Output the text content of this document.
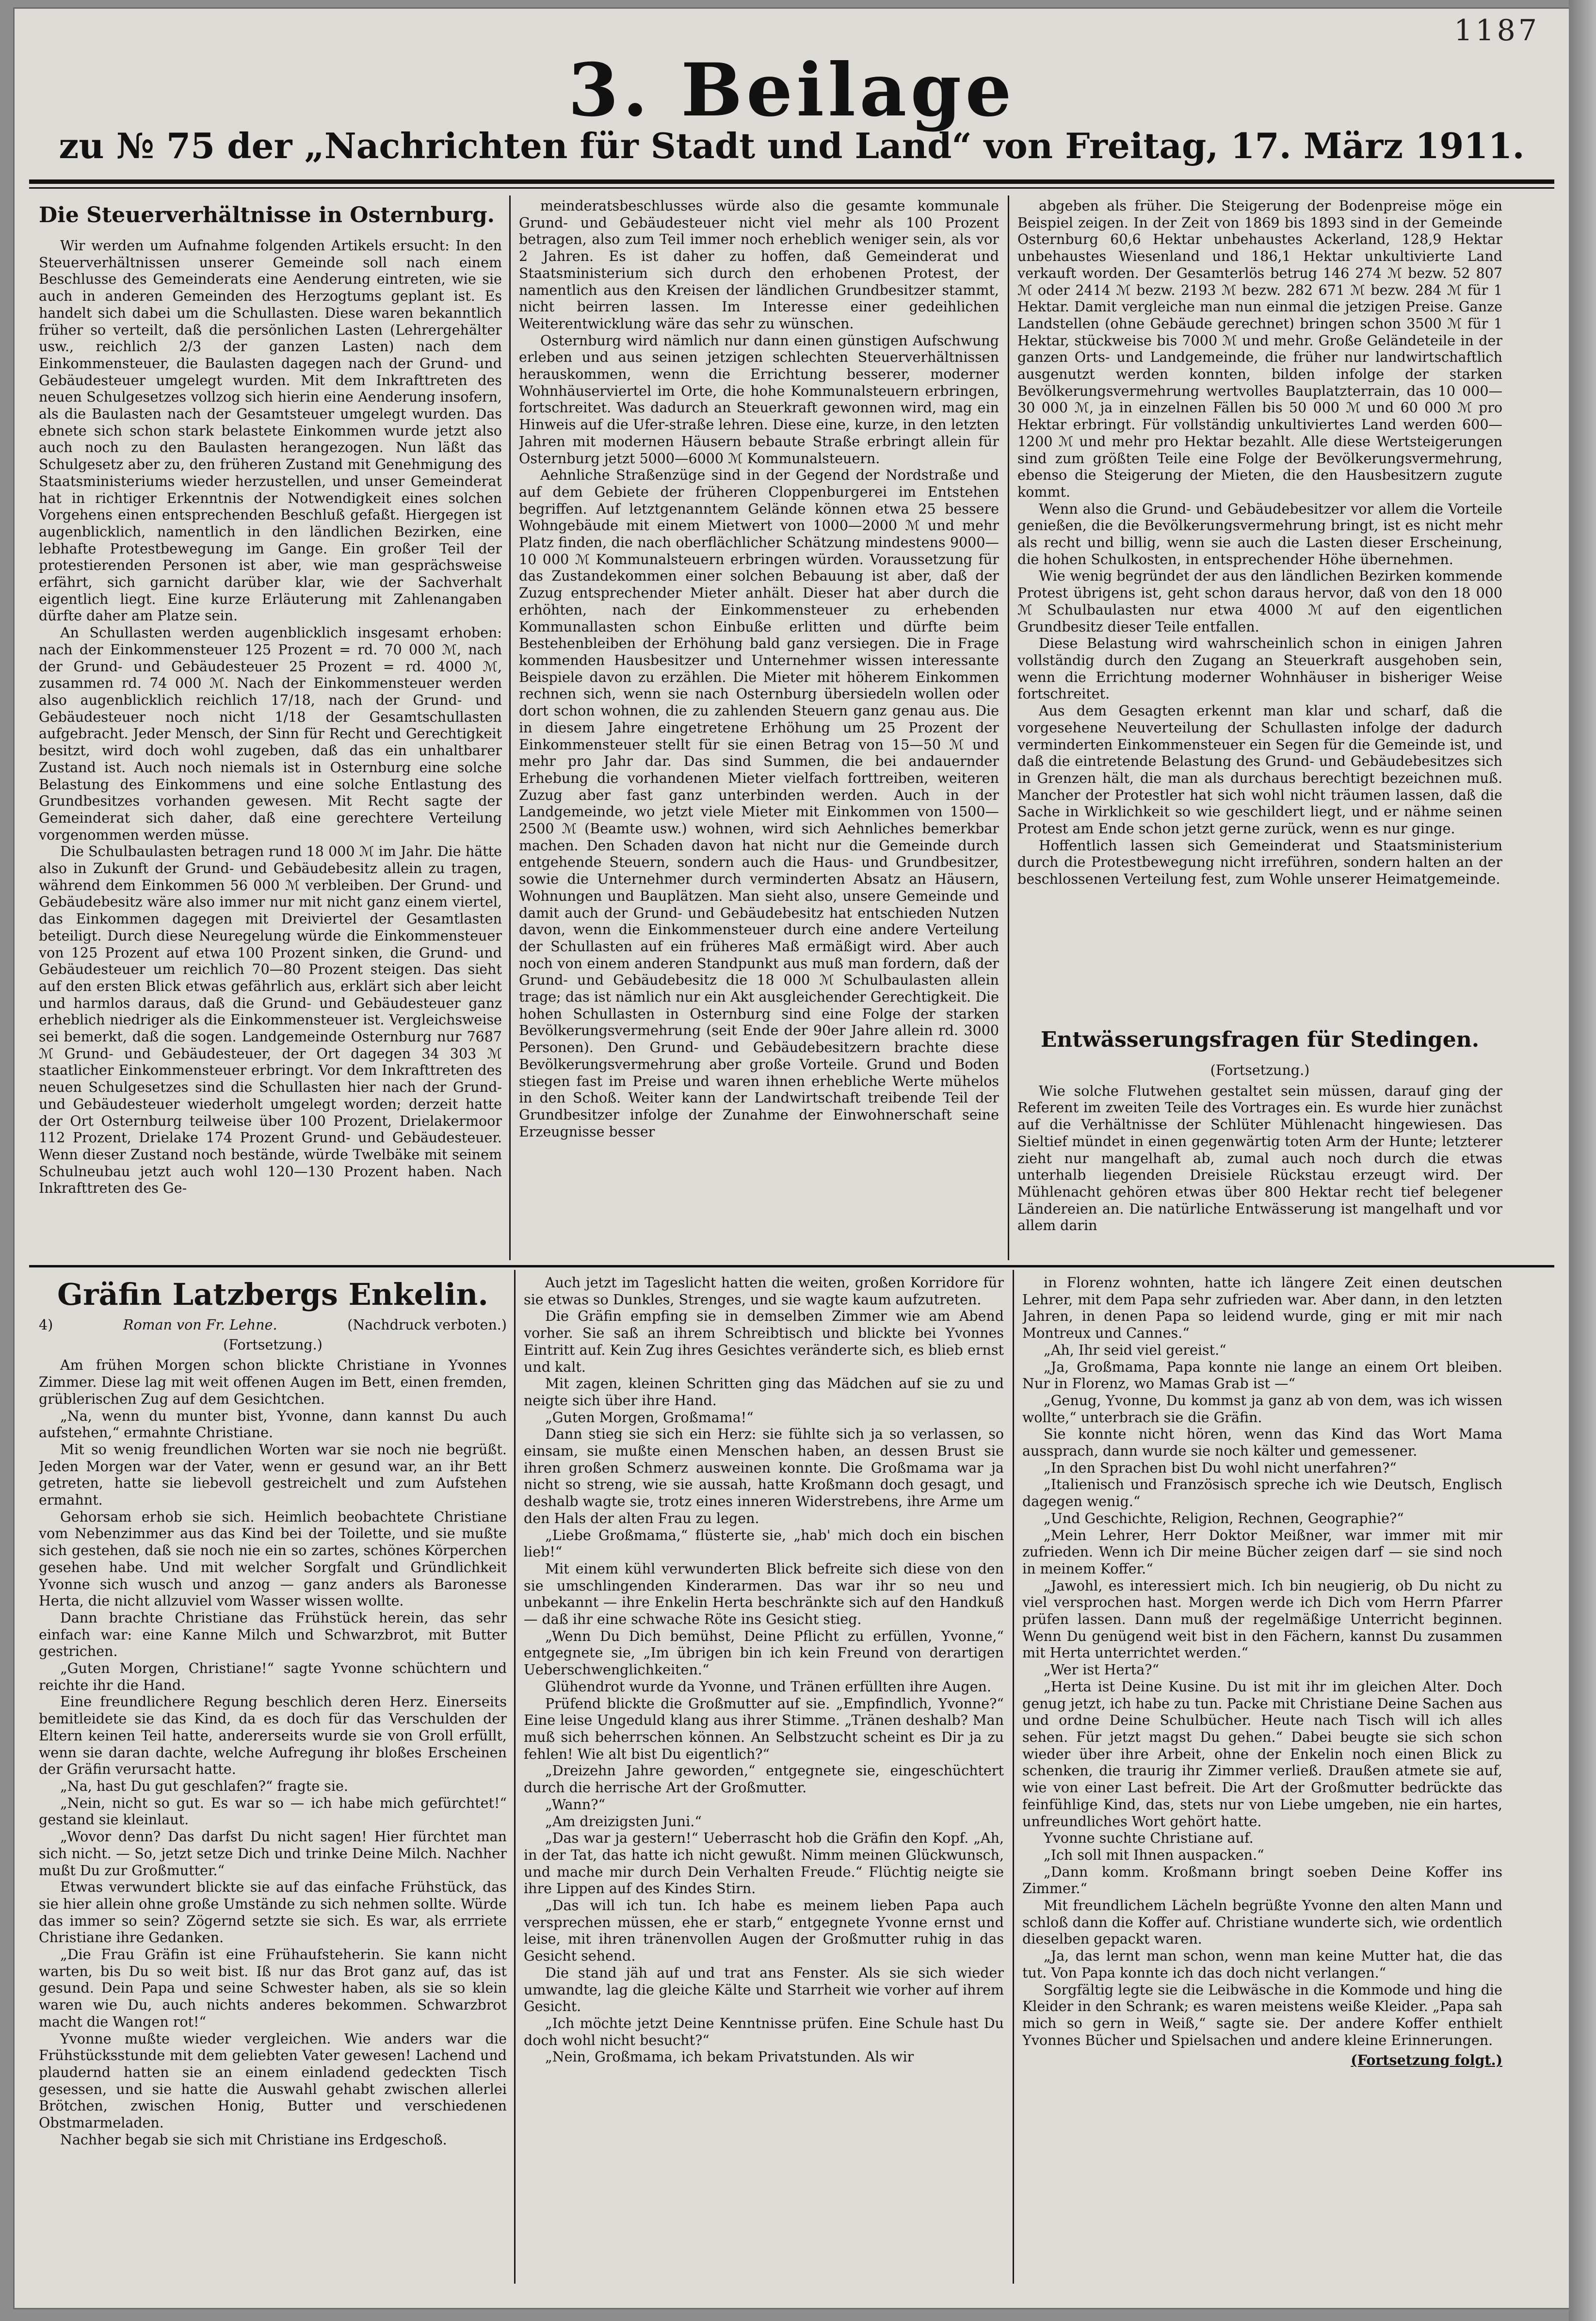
1187
3. Beilage
zu № 75 der „Nachrichten für Stadt und Land“ von Freitag, 17. März 1911.
Die Steuerverhältnisse in Osternburg.

Wir werden um Aufnahme folgenden Artikels ersucht: In den Steuerverhältnissen unserer Gemeinde soll nach einem Beschlusse des Gemeinderats eine Aenderung eintreten, wie sie auch in anderen Gemeinden des Herzogtums geplant ist. Es handelt sich dabei um die Schullasten. Diese waren bekanntlich früher so verteilt, daß die persönlichen Lasten (Lehrergehälter usw., reichlich 2/3 der ganzen Lasten) nach dem Einkommensteuer, die Baulasten dagegen nach der Grund- und Gebäudesteuer umgelegt wurden. Mit dem Inkrafttreten des neuen Schulgesetzes vollzog sich hierin eine Aenderung insofern, als die Baulasten nach der Gesamtsteuer umgelegt wurden. Das ebnete sich schon stark belastete Einkommen wurde jetzt also auch noch zu den Baulasten herangezogen. Nun läßt das Schulgesetz aber zu, den früheren Zustand mit Genehmigung des Staatsministeriums wieder herzustellen, und unser Gemeinderat hat in richtiger Erkenntnis der Notwendigkeit eines solchen Vorgehens einen entsprechenden Beschluß gefaßt. Hiergegen ist augenblicklich, namentlich in den ländlichen Bezirken, eine lebhafte Protestbewegung im Gange. Ein großer Teil der protestierenden Personen ist aber, wie man gesprächsweise erfährt, sich garnicht darüber klar, wie der Sachverhalt eigentlich liegt. Eine kurze Erläuterung mit Zahlenangaben dürfte daher am Platze sein.

An Schullasten werden augenblicklich insgesamt erhoben: nach der Einkommensteuer 125 Prozent = rd. 70 000 ℳ, nach der Grund- und Gebäudesteuer 25 Prozent = rd. 4000 ℳ, zusammen rd. 74 000 ℳ. Nach der Einkommensteuer werden also augenblicklich reichlich 17/18, nach der Grund- und Gebäudesteuer noch nicht 1/18 der Gesamtschullasten aufgebracht. Jeder Mensch, der Sinn für Recht und Gerechtigkeit besitzt, wird doch wohl zugeben, daß das ein unhaltbarer Zustand ist. Auch noch niemals ist in Osternburg eine solche Belastung des Einkommens und eine solche Entlastung des Grundbesitzes vorhanden gewesen. Mit Recht sagte der Gemeinderat sich daher, daß eine gerechtere Verteilung vorgenommen werden müsse.

Die Schulbaulasten betragen rund 18 000 ℳ im Jahr. Die hätte also in Zukunft der Grund- und Gebäudebesitz allein zu tragen, während dem Einkommen 56 000 ℳ verbleiben. Der Grund- und Gebäudebesitz wäre also immer nur mit nicht ganz einem viertel, das Einkommen dagegen mit Dreiviertel der Gesamtlasten beteiligt. Durch diese Neuregelung würde die Einkommensteuer von 125 Prozent auf etwa 100 Prozent sinken, die Grund- und Gebäudesteuer um reichlich 70—80 Prozent steigen. Das sieht auf den ersten Blick etwas gefährlich aus, erklärt sich aber leicht und harmlos daraus, daß die Grund- und Gebäudesteuer ganz erheblich niedriger als die Einkommensteuer ist. Vergleichsweise sei bemerkt, daß die sogen. Landgemeinde Osternburg nur 7687 ℳ Grund- und Gebäudesteuer, der Ort dagegen 34 303 ℳ staatlicher Einkommensteuer erbringt. Vor dem Inkrafttreten des neuen Schulgesetzes sind die Schullasten hier nach der Grund- und Gebäudesteuer wiederholt umgelegt worden; derzeit hatte der Ort Osternburg teilweise über 100 Prozent, Drielakermoor 112 Prozent, Drielake 174 Prozent Grund- und Gebäudesteuer. Wenn dieser Zustand noch bestände, würde Twelbäke mit seinem Schulneubau jetzt auch wohl 120—130 Prozent haben. Nach Inkrafttreten des Ge-

meinderatsbeschlusses würde also die gesamte kommunale Grund- und Gebäudesteuer nicht viel mehr als 100 Prozent betragen, also zum Teil immer noch erheblich weniger sein, als vor 2 Jahren. Es ist daher zu hoffen, daß Gemeinderat und Staatsministerium sich durch den erhobenen Protest, der namentlich aus den Kreisen der ländlichen Grundbesitzer stammt, nicht beirren lassen. Im Interesse einer gedeihlichen Weiterentwicklung wäre das sehr zu wünschen.

Osternburg wird nämlich nur dann einen günstigen Aufschwung erleben und aus seinen jetzigen schlechten Steuerverhältnissen herauskommen, wenn die Errichtung besserer, moderner Wohnhäuserviertel im Orte, die hohe Kommunalsteuern erbringen, fortschreitet. Was dadurch an Steuerkraft gewonnen wird, mag ein Hinweis auf die Ufer-straße lehren. Diese eine, kurze, in den letzten Jahren mit modernen Häusern bebaute Straße erbringt allein für Osternburg jetzt 5000—6000 ℳ Kommunalsteuern.

Aehnliche Straßenzüge sind in der Gegend der Nordstraße und auf dem Gebiete der früheren Cloppenburgerei im Entstehen begriffen. Auf letztgenanntem Gelände können etwa 25 bessere Wohngebäude mit einem Mietwert von 1000—2000 ℳ und mehr Platz finden, die nach oberflächlicher Schätzung mindestens 9000—10 000 ℳ Kommunalsteuern erbringen würden. Voraussetzung für das Zustandekommen einer solchen Bebauung ist aber, daß der Zuzug entsprechender Mieter anhält. Dieser hat aber durch die erhöhten, nach der Einkommensteuer zu erhebenden Kommunallasten schon Einbuße erlitten und dürfte beim Bestehenbleiben der Erhöhung bald ganz versiegen. Die in Frage kommenden Hausbesitzer und Unternehmer wissen interessante Beispiele davon zu erzählen. Die Mieter mit höherem Einkommen rechnen sich, wenn sie nach Osternburg übersiedeln wollen oder dort schon wohnen, die zu zahlenden Steuern ganz genau aus. Die in diesem Jahre eingetretene Erhöhung um 25 Prozent der Einkommensteuer stellt für sie einen Betrag von 15—50 ℳ und mehr pro Jahr dar. Das sind Summen, die bei andauernder Erhebung die vorhandenen Mieter vielfach forttreiben, weiteren Zuzug aber fast ganz unterbinden werden. Auch in der Landgemeinde, wo jetzt viele Mieter mit Einkommen von 1500—2500 ℳ (Beamte usw.) wohnen, wird sich Aehnliches bemerkbar machen. Den Schaden davon hat nicht nur die Gemeinde durch entgehende Steuern, sondern auch die Haus- und Grundbesitzer, sowie die Unternehmer durch verminderten Absatz an Häusern, Wohnungen und Bauplätzen. Man sieht also, unsere Gemeinde und damit auch der Grund- und Gebäudebesitz hat entschieden Nutzen davon, wenn die Einkommensteuer durch eine andere Verteilung der Schullasten auf ein früheres Maß ermäßigt wird. Aber auch noch von einem anderen Standpunkt aus muß man fordern, daß der Grund- und Gebäudebesitz die 18 000 ℳ Schulbaulasten allein trage; das ist nämlich nur ein Akt ausgleichender Gerechtigkeit. Die hohen Schullasten in Osternburg sind eine Folge der starken Bevölkerungsvermehrung (seit Ende der 90er Jahre allein rd. 3000 Personen). Den Grund- und Gebäudebesitzern brachte diese Bevölkerungsvermehrung aber große Vorteile. Grund und Boden stiegen fast im Preise und waren ihnen erhebliche Werte mühelos in den Schoß. Weiter kann der Landwirtschaft treibende Teil der Grundbesitzer infolge der Zunahme der Einwohnerschaft seine Erzeugnisse besser

abgeben als früher. Die Steigerung der Bodenpreise möge ein Beispiel zeigen. In der Zeit von 1869 bis 1893 sind in der Gemeinde Osternburg 60,6 Hektar unbehaustes Ackerland, 128,9 Hektar unbehaustes Wiesenland und 186,1 Hektar unkultivierte Land verkauft worden. Der Gesamterlös betrug 146 274 ℳ bezw. 52 807 ℳ oder 2414 ℳ bezw. 2193 ℳ bezw. 282 671 ℳ bezw. 284 ℳ für 1 Hektar. Damit vergleiche man nun einmal die jetzigen Preise. Ganze Landstellen (ohne Gebäude gerechnet) bringen schon 3500 ℳ für 1 Hektar, stückweise bis 7000 ℳ und mehr. Große Geländeteile in der ganzen Orts- und Landgemeinde, die früher nur landwirtschaftlich ausgenutzt werden konnten, bilden infolge der starken Bevölkerungsvermehrung wertvolles Bauplatzterrain, das 10 000—30 000 ℳ, ja in einzelnen Fällen bis 50 000 ℳ und 60 000 ℳ pro Hektar erbringt. Für vollständig unkultiviertes Land werden 600—1200 ℳ und mehr pro Hektar bezahlt. Alle diese Wertsteigerungen sind zum größten Teile eine Folge der Bevölkerungsvermehrung, ebenso die Steigerung der Mieten, die den Hausbesitzern zugute kommt.

Wenn also die Grund- und Gebäudebesitzer vor allem die Vorteile genießen, die die Bevölkerungsvermehrung bringt, ist es nicht mehr als recht und billig, wenn sie auch die Lasten dieser Erscheinung, die hohen Schulkosten, in entsprechender Höhe übernehmen.

Wie wenig begründet der aus den ländlichen Bezirken kommende Protest übrigens ist, geht schon daraus hervor, daß von den 18 000 ℳ Schulbaulasten nur etwa 4000 ℳ auf den eigentlichen Grundbesitz dieser Teile entfallen.

Diese Belastung wird wahrscheinlich schon in einigen Jahren vollständig durch den Zugang an Steuerkraft ausgehoben sein, wenn die Errichtung moderner Wohnhäuser in bisheriger Weise fortschreitet.

Aus dem Gesagten erkennt man klar und scharf, daß die vorgesehene Neuverteilung der Schullasten infolge der dadurch verminderten Einkommensteuer ein Segen für die Gemeinde ist, und daß die eintretende Belastung des Grund- und Gebäudebesitzes sich in Grenzen hält, die man als durchaus berechtigt bezeichnen muß. Mancher der Protestler hat sich wohl nicht träumen lassen, daß die Sache in Wirklichkeit so wie geschildert liegt, und er nähme seinen Protest am Ende schon jetzt gerne zurück, wenn es nur ginge.

Hoffentlich lassen sich Gemeinderat und Staatsministerium durch die Protestbewegung nicht irreführen, sondern halten an der beschlossenen Verteilung fest, zum Wohle unserer Heimatgemeinde.

Entwässerungsfragen für Stedingen.
(Fortsetzung.)

Wie solche Flutwehen gestaltet sein müssen, darauf ging der Referent im zweiten Teile des Vortrages ein. Es wurde hier zunächst auf die Verhältnisse der Schlüter Mühlenacht hingewiesen. Das Sieltief mündet in einen gegenwärtig toten Arm der Hunte; letzterer zieht nur mangelhaft ab, zumal auch noch durch die etwas unterhalb liegenden Dreisiele Rückstau erzeugt wird. Der Mühlenacht gehören etwas über 800 Hektar recht tief belegener Ländereien an. Die natürliche Entwässerung ist mangelhaft und vor allem darin

Gräfin Latzbergs Enkelin.
4)	Roman von Fr. Lehne.	(Nachdruck verboten.)
(Fortsetzung.)

Am frühen Morgen schon blickte Christiane in Yvonnes Zimmer. Diese lag mit weit offenen Augen im Bett, einen fremden, grüblerischen Zug auf dem Gesichtchen.

„Na, wenn du munter bist, Yvonne, dann kannst Du auch aufstehen,“ ermahnte Christiane.

Mit so wenig freundlichen Worten war sie noch nie begrüßt. Jeden Morgen war der Vater, wenn er gesund war, an ihr Bett getreten, hatte sie liebevoll gestreichelt und zum Aufstehen ermahnt.

Gehorsam erhob sie sich. Heimlich beobachtete Christiane vom Nebenzimmer aus das Kind bei der Toilette, und sie mußte sich gestehen, daß sie noch nie ein so zartes, schönes Körperchen gesehen habe. Und mit welcher Sorgfalt und Gründlichkeit Yvonne sich wusch und anzog — ganz anders als Baronesse Herta, die nicht allzuviel vom Wasser wissen wollte.

Dann brachte Christiane das Frühstück herein, das sehr einfach war: eine Kanne Milch und Schwarzbrot, mit Butter gestrichen.

„Guten Morgen, Christiane!“ sagte Yvonne schüchtern und reichte ihr die Hand.

Eine freundlichere Regung beschlich deren Herz. Einerseits bemitleidete sie das Kind, da es doch für das Verschulden der Eltern keinen Teil hatte, andererseits wurde sie von Groll erfüllt, wenn sie daran dachte, welche Aufregung ihr bloßes Erscheinen der Gräfin verursacht hatte.

„Na, hast Du gut geschlafen?“ fragte sie.

„Nein, nicht so gut. Es war so — ich habe mich gefürchtet!“ gestand sie kleinlaut.

„Wovor denn? Das darfst Du nicht sagen! Hier fürchtet man sich nicht. — So, jetzt setze Dich und trinke Deine Milch. Nachher mußt Du zur Großmutter.“

Etwas verwundert blickte sie auf das einfache Frühstück, das sie hier allein ohne große Umstände zu sich nehmen sollte. Würde das immer so sein? Zögernd setzte sie sich. Es war, als errriete Christiane ihre Gedanken.

„Die Frau Gräfin ist eine Frühaufsteherin. Sie kann nicht warten, bis Du so weit bist. Iß nur das Brot ganz auf, das ist gesund. Dein Papa und seine Schwester haben, als sie so klein waren wie Du, auch nichts anderes bekommen. Schwarzbrot macht die Wangen rot!“

Yvonne mußte wieder vergleichen. Wie anders war die Frühstücksstunde mit dem geliebten Vater gewesen! Lachend und plaudernd hatten sie an einem einladend gedeckten Tisch gesessen, und sie hatte die Auswahl gehabt zwischen allerlei Brötchen, zwischen Honig, Butter und verschiedenen Obstmarmeladen.

Nachher begab sie sich mit Christiane ins Erdgeschoß.

Auch jetzt im Tageslicht hatten die weiten, großen Korridore für sie etwas so Dunkles, Strenges, und sie wagte kaum aufzutreten.

Die Gräfin empfing sie in demselben Zimmer wie am Abend vorher. Sie saß an ihrem Schreibtisch und blickte bei Yvonnes Eintritt auf. Kein Zug ihres Gesichtes veränderte sich, es blieb ernst und kalt.

Mit zagen, kleinen Schritten ging das Mädchen auf sie zu und neigte sich über ihre Hand.

„Guten Morgen, Großmama!“

Dann stieg sie sich ein Herz: sie fühlte sich ja so verlassen, so einsam, sie mußte einen Menschen haben, an dessen Brust sie ihren großen Schmerz ausweinen konnte. Die Großmama war ja nicht so streng, wie sie aussah, hatte Kroßmann doch gesagt, und deshalb wagte sie, trotz eines inneren Widerstrebens, ihre Arme um den Hals der alten Frau zu legen.

„Liebe Großmama,“ flüsterte sie, „hab' mich doch ein bischen lieb!“

Mit einem kühl verwunderten Blick befreite sich diese von den sie umschlingenden Kinderarmen. Das war ihr so neu und unbekannt — ihre Enkelin Herta beschränkte sich auf den Handkuß — daß ihr eine schwache Röte ins Gesicht stieg.

„Wenn Du Dich bemühst, Deine Pflicht zu erfüllen, Yvonne,“ entgegnete sie, „Im übrigen bin ich kein Freund von derartigen Ueberschwenglichkeiten.“

Glühendrot wurde da Yvonne, und Tränen erfüllten ihre Augen.

Prüfend blickte die Großmutter auf sie. „Empfindlich, Yvonne?“ Eine leise Ungeduld klang aus ihrer Stimme. „Tränen deshalb? Man muß sich beherrschen können. An Selbstzucht scheint es Dir ja zu fehlen! Wie alt bist Du eigentlich?“

„Dreizehn Jahre geworden,“ entgegnete sie, eingeschüchtert durch die herrische Art der Großmutter.

„Wann?“

„Am dreizigsten Juni.“

„Das war ja gestern!“ Ueberrascht hob die Gräfin den Kopf. „Ah, in der Tat, das hatte ich nicht gewußt. Nimm meinen Glückwunsch, und mache mir durch Dein Verhalten Freude.“ Flüchtig neigte sie ihre Lippen auf des Kindes Stirn.

„Das will ich tun. Ich habe es meinem lieben Papa auch versprechen müssen, ehe er starb,“ entgegnete Yvonne ernst und leise, mit ihren tränenvollen Augen der Großmutter ruhig in das Gesicht sehend.

Die stand jäh auf und trat ans Fenster. Als sie sich wieder umwandte, lag die gleiche Kälte und Starrheit wie vorher auf ihrem Gesicht.

„Ich möchte jetzt Deine Kenntnisse prüfen. Eine Schule hast Du doch wohl nicht besucht?“

„Nein, Großmama, ich bekam Privatstunden. Als wir

in Florenz wohnten, hatte ich längere Zeit einen deutschen Lehrer, mit dem Papa sehr zufrieden war. Aber dann, in den letzten Jahren, in denen Papa so leidend wurde, ging er mit mir nach Montreux und Cannes.“

„Ah, Ihr seid viel gereist.“

„Ja, Großmama, Papa konnte nie lange an einem Ort bleiben. Nur in Florenz, wo Mamas Grab ist —“

„Genug, Yvonne, Du kommst ja ganz ab von dem, was ich wissen wollte,“ unterbrach sie die Gräfin.

Sie konnte nicht hören, wenn das Kind das Wort Mama aussprach, dann wurde sie noch kälter und gemessener.

„In den Sprachen bist Du wohl nicht unerfahren?“

„Italienisch und Französisch spreche ich wie Deutsch, Englisch dagegen wenig.“

„Und Geschichte, Religion, Rechnen, Geographie?“

„Mein Lehrer, Herr Doktor Meißner, war immer mit mir zufrieden. Wenn ich Dir meine Bücher zeigen darf — sie sind noch in meinem Koffer.“

„Jawohl, es interessiert mich. Ich bin neugierig, ob Du nicht zu viel versprochen hast. Morgen werde ich Dich vom Herrn Pfarrer prüfen lassen. Dann muß der regelmäßige Unterricht beginnen. Wenn Du genügend weit bist in den Fächern, kannst Du zusammen mit Herta unterrichtet werden.“

„Wer ist Herta?“

„Herta ist Deine Kusine. Du ist mit ihr im gleichen Alter. Doch genug jetzt, ich habe zu tun. Packe mit Christiane Deine Sachen aus und ordne Deine Schulbücher. Heute nach Tisch will ich alles sehen. Für jetzt magst Du gehen.“ Dabei beugte sie sich schon wieder über ihre Arbeit, ohne der Enkelin noch einen Blick zu schenken, die traurig ihr Zimmer verließ. Draußen atmete sie auf, wie von einer Last befreit. Die Art der Großmutter bedrückte das feinfühlige Kind, das, stets nur von Liebe umgeben, nie ein hartes, unfreundliches Wort gehört hatte.

Yvonne suchte Christiane auf.

„Ich soll mit Ihnen auspacken.“

„Dann komm. Kroßmann bringt soeben Deine Koffer ins Zimmer.“

Mit freundlichem Lächeln begrüßte Yvonne den alten Mann und schloß dann die Koffer auf. Christiane wunderte sich, wie ordentlich dieselben gepackt waren.

„Ja, das lernt man schon, wenn man keine Mutter hat, die das tut. Von Papa konnte ich das doch nicht verlangen.“

Sorgfältig legte sie die Leibwäsche in die Kommode und hing die Kleider in den Schrank; es waren meistens weiße Kleider. „Papa sah mich so gern in Weiß,“ sagte sie. Der andere Koffer enthielt Yvonnes Bücher und Spielsachen und andere kleine Erinnerungen.

(Fortsetzung folgt.)
